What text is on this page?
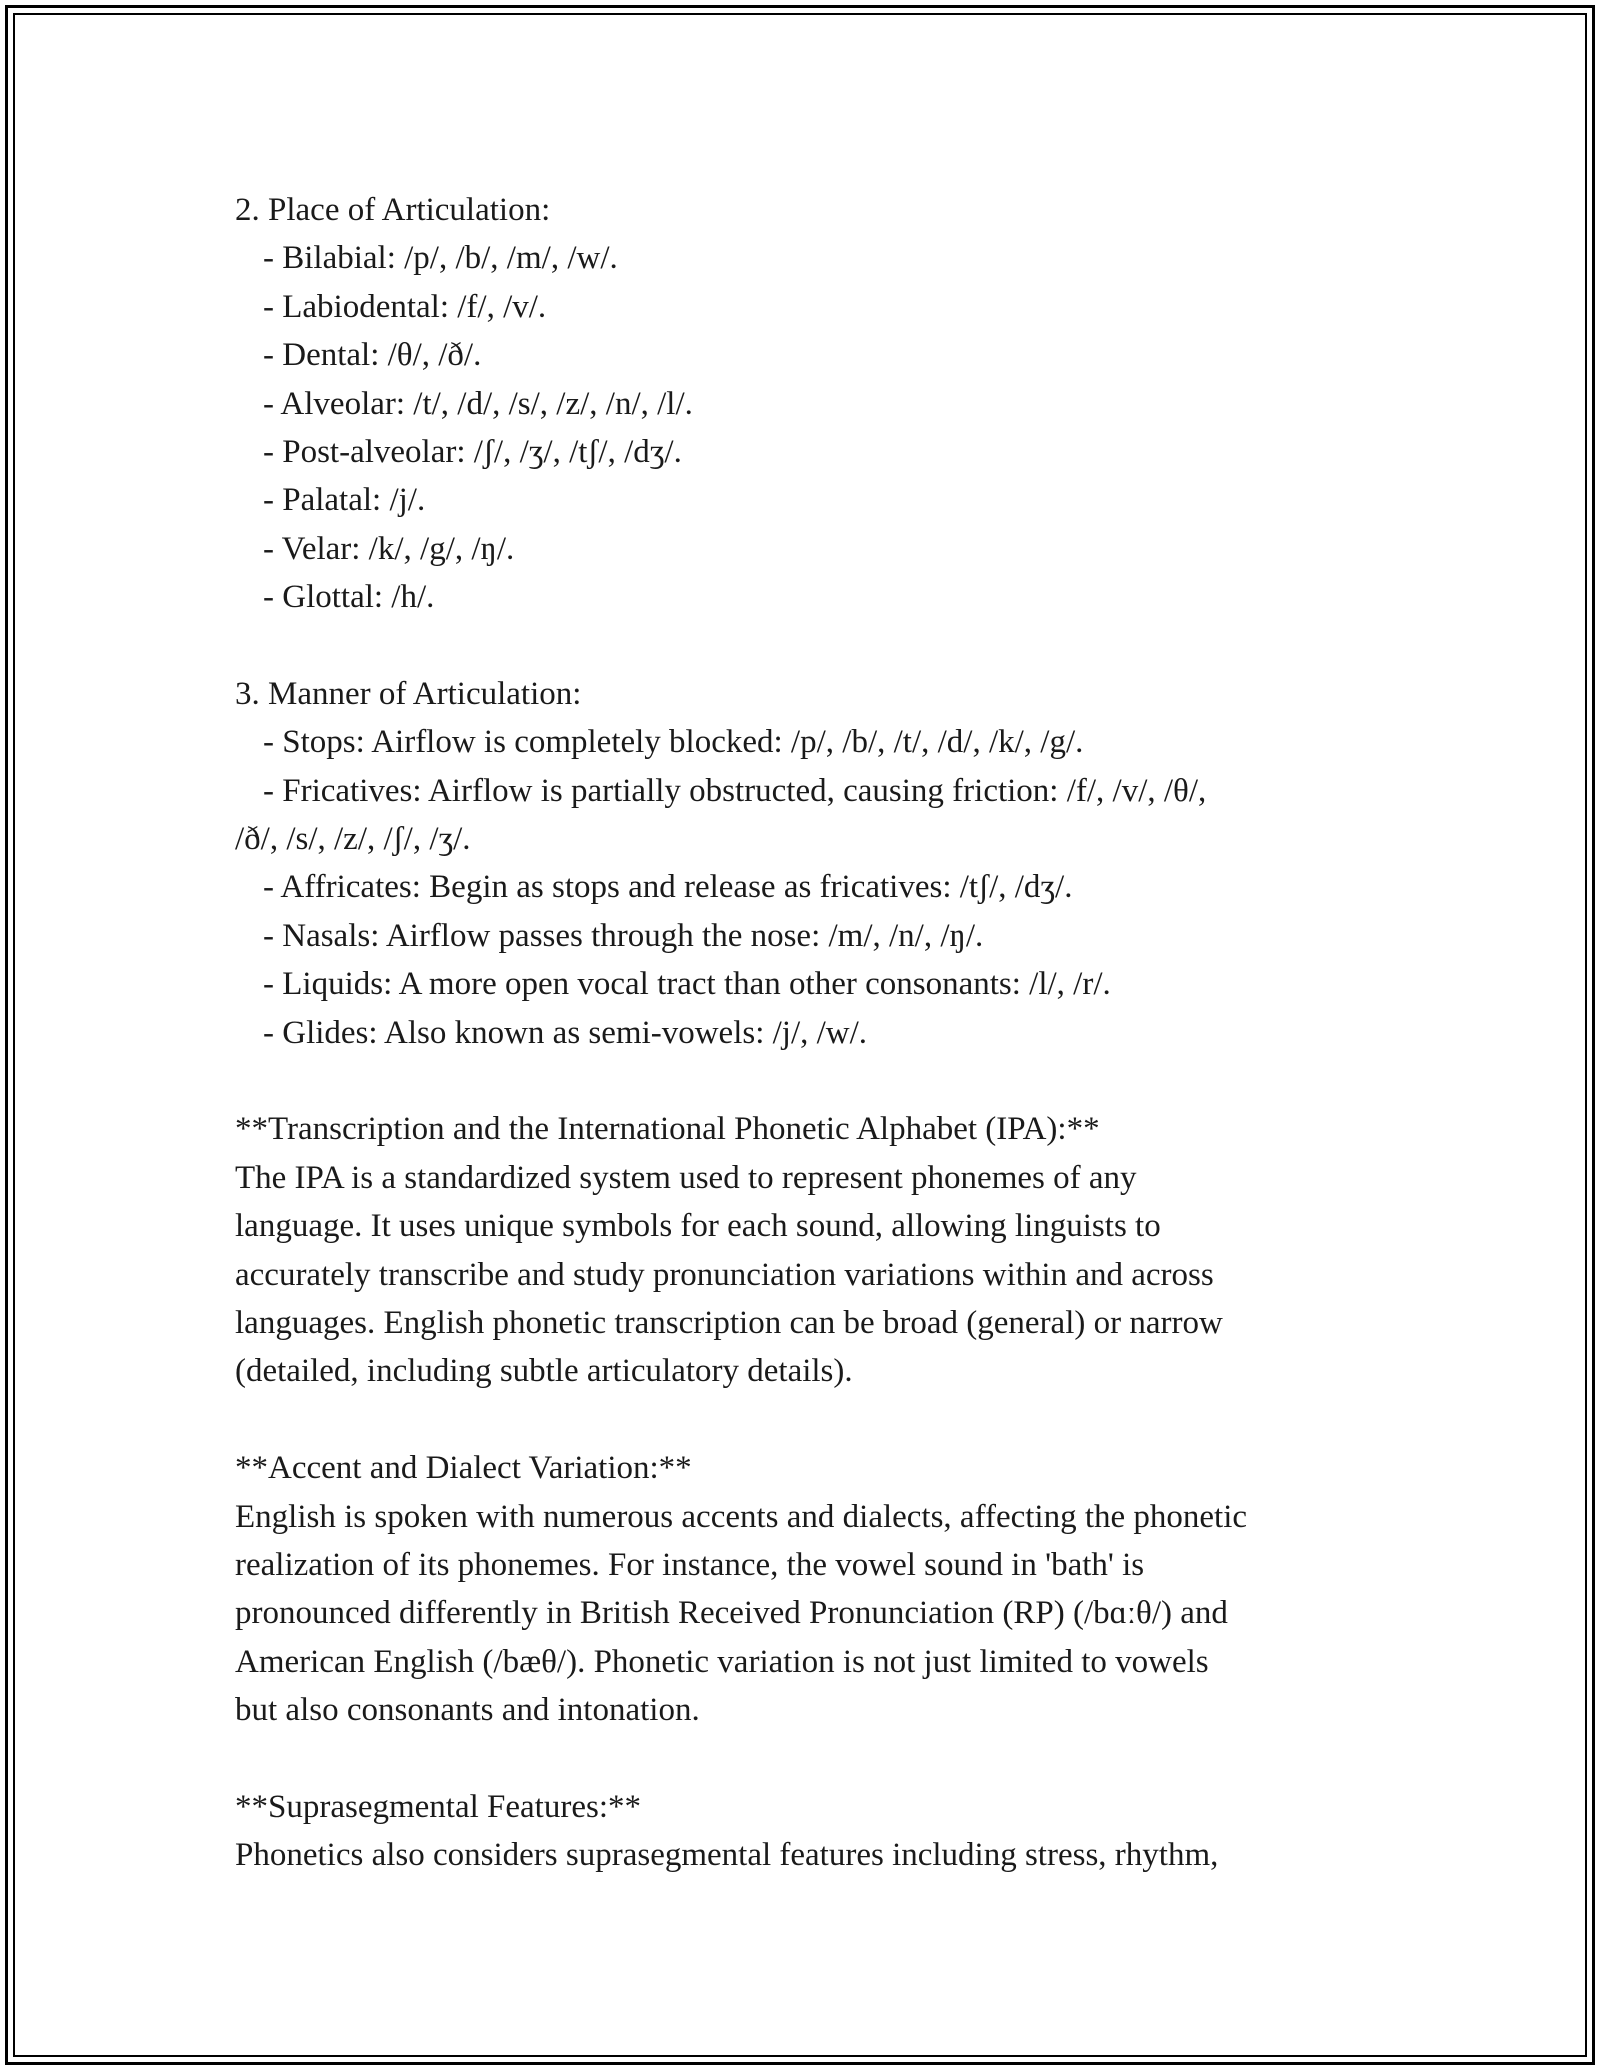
2. Place of Articulation:
- Bilabial: /p/, /b/, /m/, /w/.
- Labiodental: /f/, /v/.
- Dental: /θ/, /ð/.
- Alveolar: /t/, /d/, /s/, /z/, /n/, /l/.
- Post-alveolar: /ʃ/, /ʒ/, /tʃ/, /dʒ/.
- Palatal: /j/.
- Velar: /k/, /g/, /ŋ/.
- Glottal: /h/.
3. Manner of Articulation:
- Stops: Airflow is completely blocked: /p/, /b/, /t/, /d/, /k/, /g/.
- Fricatives: Airflow is partially obstructed, causing friction: /f/, /v/, /θ/,
/ð/, /s/, /z/, /ʃ/, /ʒ/.
- Affricates: Begin as stops and release as fricatives: /tʃ/, /dʒ/.
- Nasals: Airflow passes through the nose: /m/, /n/, /ŋ/.
- Liquids: A more open vocal tract than other consonants: /l/, /r/.
- Glides: Also known as semi-vowels: /j/, /w/.
**Transcription and the International Phonetic Alphabet (IPA):**
The IPA is a standardized system used to represent phonemes of any
language. It uses unique symbols for each sound, allowing linguists to
accurately transcribe and study pronunciation variations within and across
languages. English phonetic transcription can be broad (general) or narrow
(detailed, including subtle articulatory details).
**Accent and Dialect Variation:**
English is spoken with numerous accents and dialects, affecting the phonetic
realization of its phonemes. For instance, the vowel sound in 'bath' is
pronounced differently in British Received Pronunciation (RP) (/bɑːθ/) and
American English (/bæθ/). Phonetic variation is not just limited to vowels
but also consonants and intonation.
**Suprasegmental Features:**
Phonetics also considers suprasegmental features including stress, rhythm,
